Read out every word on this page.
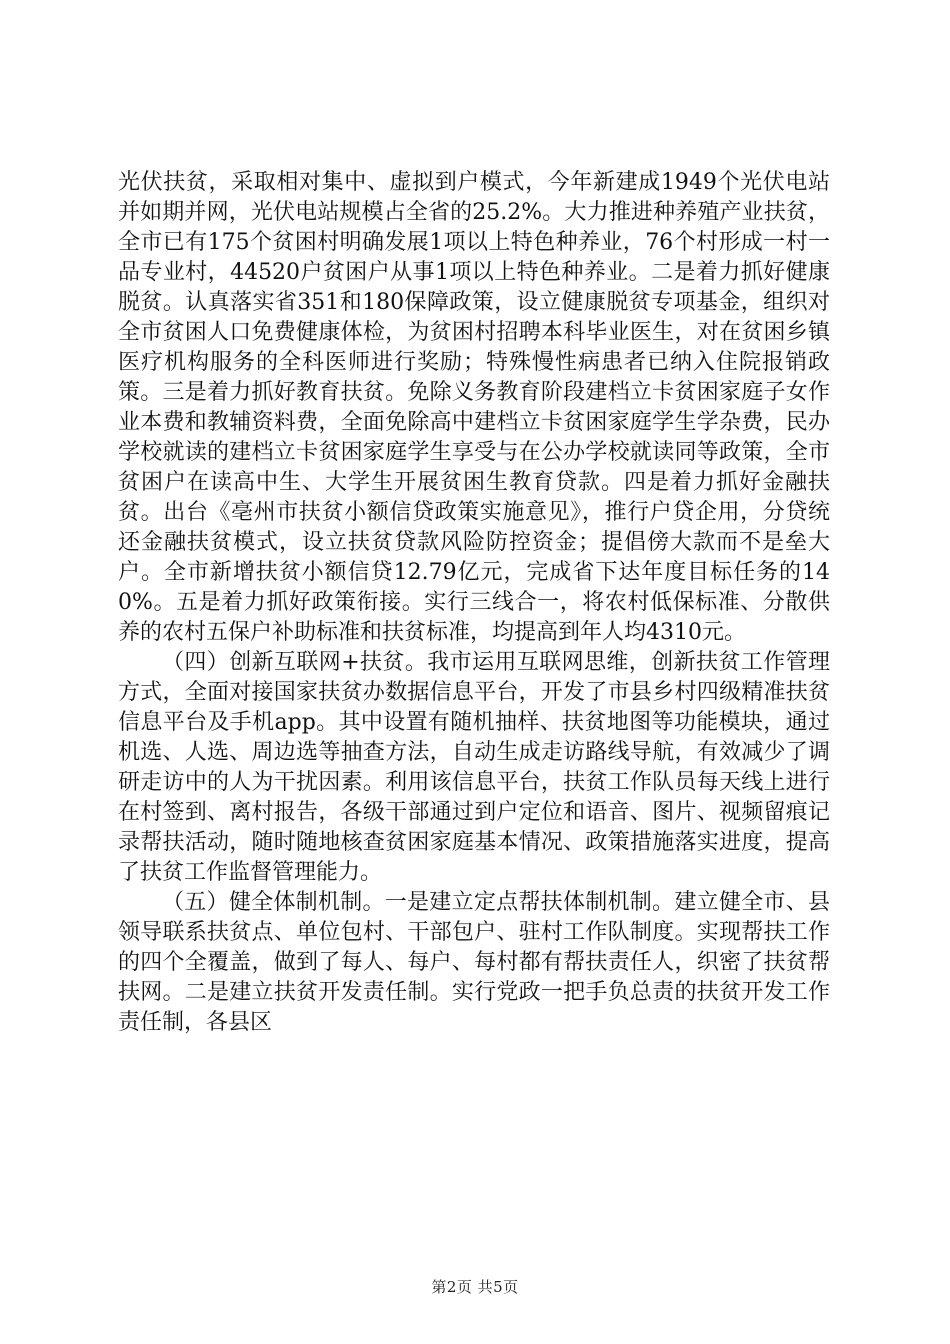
光伏扶贫，采取相对集中、虚拟到户模式，今年新建成1949个光伏电站并如期并网，光伏电站规模占全省的25.2%。大力推进种养殖产业扶贫，全市已有175个贫困村明确发展1项以上特色种养业，76个村形成一村一品专业村，44520户贫困户从事1项以上特色种养业。二是着力抓好健康脱贫。认真落实省351和180保障政策，设立健康脱贫专项基金，组织对全市贫困人口免费健康体检，为贫困村招聘本科毕业医生，对在贫困乡镇医疗机构服务的全科医师进行奖励；特殊慢性病患者已纳入住院报销政策。三是着力抓好教育扶贫。免除义务教育阶段建档立卡贫困家庭子女作业本费和教辅资料费，全面免除高中建档立卡贫困家庭学生学杂费，民办学校就读的建档立卡贫困家庭学生享受与在公办学校就读同等政策，全市贫困户在读高中生、大学生开展贫困生教育贷款。四是着力抓好金融扶贫。出台《亳州市扶贫小额信贷政策实施意见》，推行户贷企用，分贷统还金融扶贫模式，设立扶贫贷款风险防控资金；提倡傍大款而不是垒大户。全市新增扶贫小额信贷12.79亿元，完成省下达年度目标任务的140%。五是着力抓好政策衔接。实行三线合一，将农村低保标准、分散供养的农村五保户补助标准和扶贫标准，均提高到年人均4310元。

（四）创新互联网+扶贫。我市运用互联网思维，创新扶贫工作管理方式，全面对接国家扶贫办数据信息平台，开发了市县乡村四级精准扶贫信息平台及手机app。其中设置有随机抽样、扶贫地图等功能模块，通过机选、人选、周边选等抽查方法，自动生成走访路线导航，有效减少了调研走访中的人为干扰因素。利用该信息平台，扶贫工作队员每天线上进行在村签到、离村报告，各级干部通过到户定位和语音、图片、视频留痕记录帮扶活动，随时随地核查贫困家庭基本情况、政策措施落实进度，提高了扶贫工作监督管理能力。

（五）健全体制机制。一是建立定点帮扶体制机制。建立健全市、县领导联系扶贫点、单位包村、干部包户、驻村工作队制度。实现帮扶工作的四个全覆盖，做到了每人、每户、每村都有帮扶责任人，织密了扶贫帮扶网。二是建立扶贫开发责任制。实行党政一把手负总责的扶贫开发工作责任制，各县区

第2页 共5页
